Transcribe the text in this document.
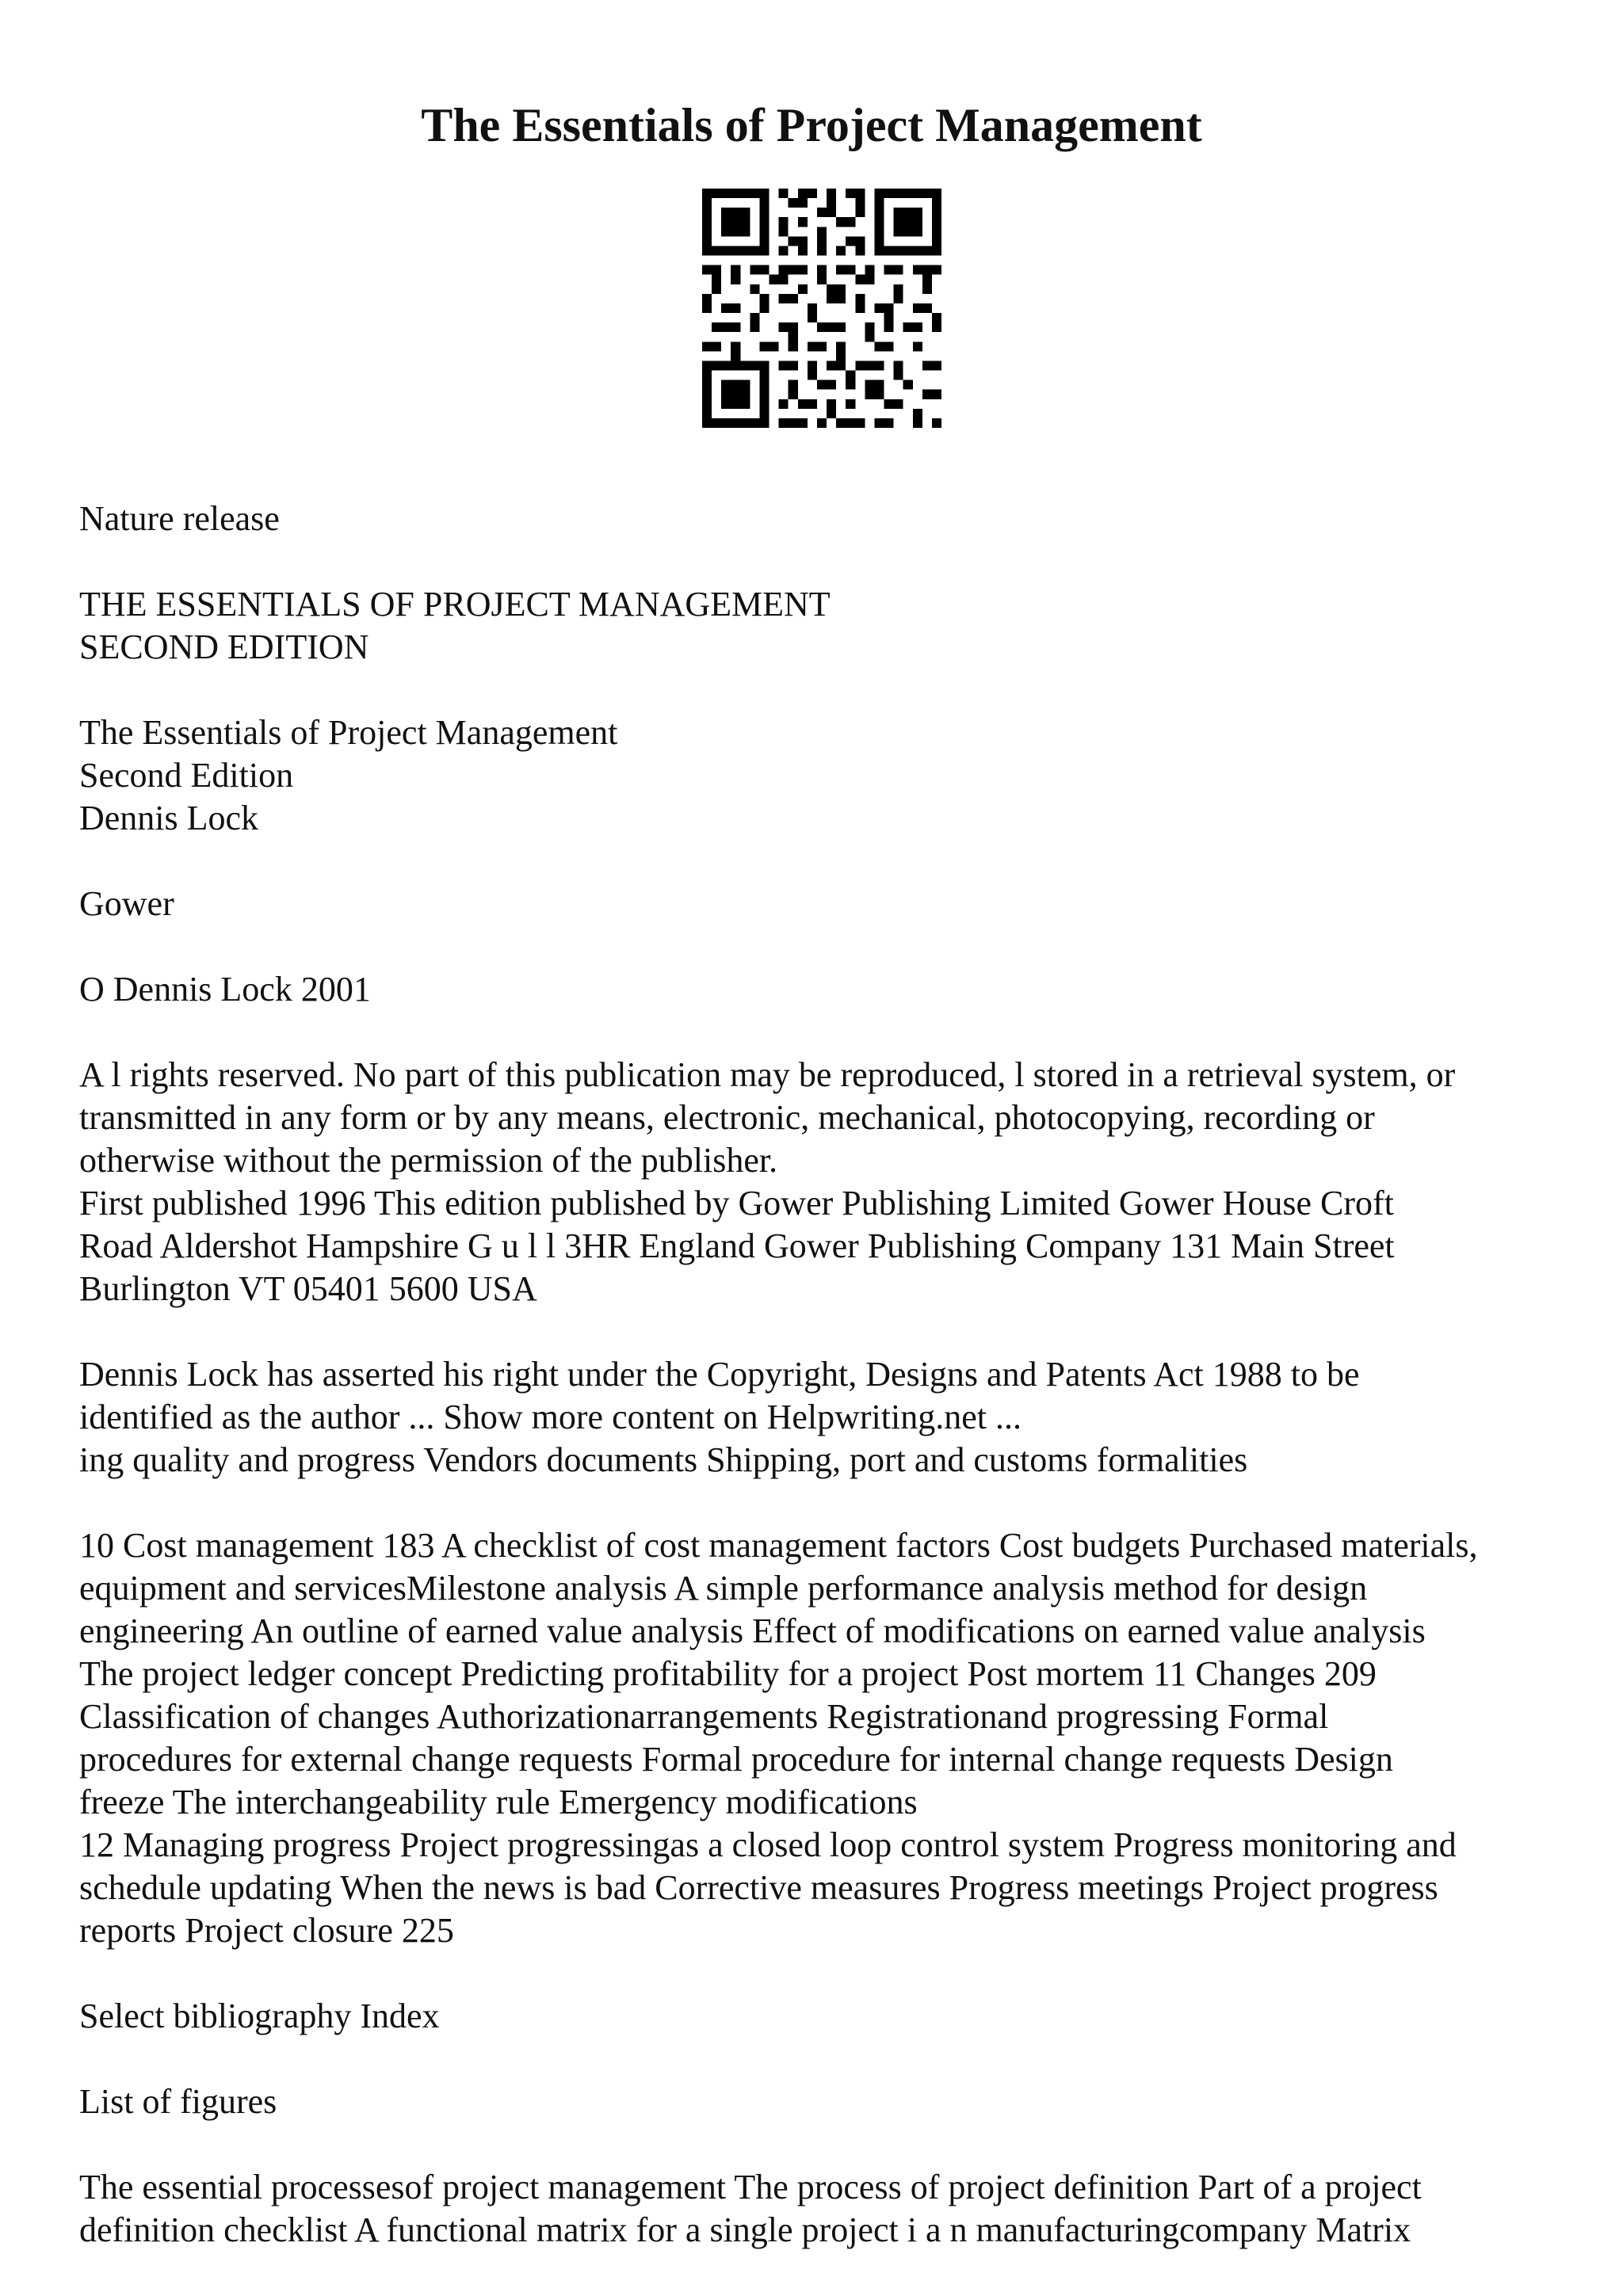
The Essentials of Project Management

Nature release

THE ESSENTIALS OF PROJECT MANAGEMENT
SECOND EDITION

The Essentials of Project Management
Second Edition
Dennis Lock

Gower

O Dennis Lock 2001

A l rights reserved. No part of this publication may be reproduced, l stored in a retrieval system, or
transmitted in any form or by any means, electronic, mechanical, photocopying, recording or
otherwise without the permission of the publisher.
First published 1996 This edition published by Gower Publishing Limited Gower House Croft
Road Aldershot Hampshire G u l l 3HR England Gower Publishing Company 131 Main Street
Burlington VT 05401 5600 USA

Dennis Lock has asserted his right under the Copyright, Designs and Patents Act 1988 to be
identified as the author ... Show more content on Helpwriting.net ...
ing quality and progress Vendors documents Shipping, port and customs formalities

10 Cost management 183 A checklist of cost management factors Cost budgets Purchased materials,
equipment and servicesMilestone analysis A simple performance analysis method for design
engineering An outline of earned value analysis Effect of modifications on earned value analysis
The project ledger concept Predicting profitability for a project Post mortem 11 Changes 209
Classification of changes Authorizationarrangements Registrationand progressing Formal
procedures for external change requests Formal procedure for internal change requests Design
freeze The interchangeability rule Emergency modifications
12 Managing progress Project progressingas a closed loop control system Progress monitoring and
schedule updating When the news is bad Corrective measures Progress meetings Project progress
reports Project closure 225

Select bibliography Index

List of figures

The essential processesof project management The process of project definition Part of a project
definition checklist A functional matrix for a single project i a n manufacturingcompany Matrix
